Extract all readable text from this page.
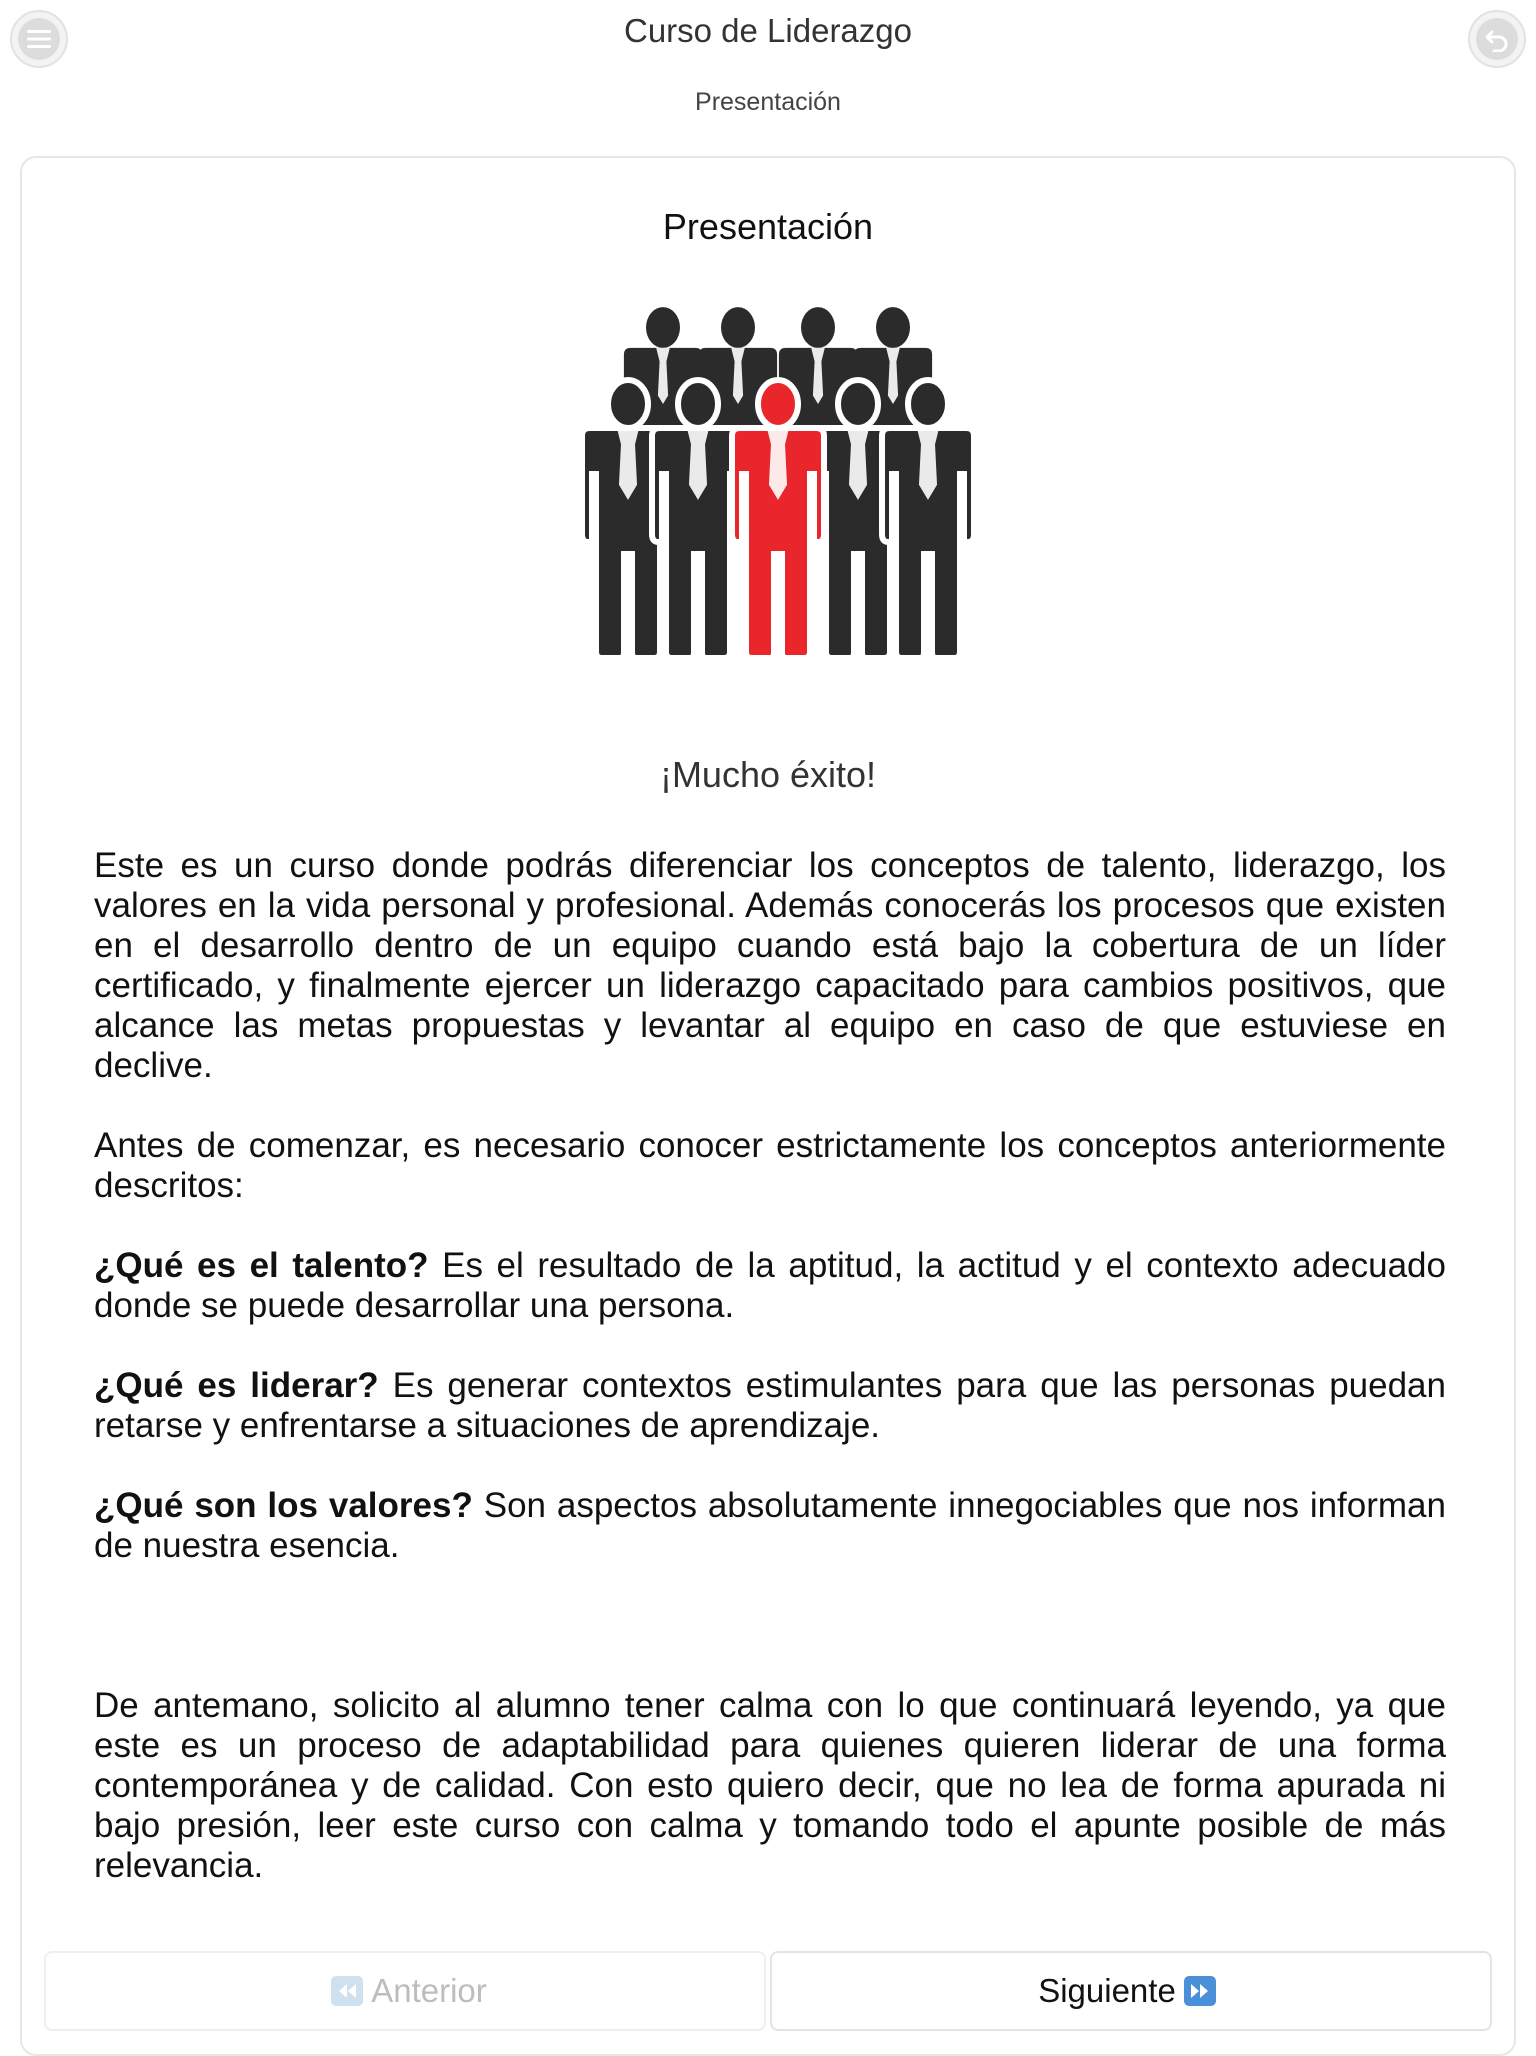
Curso de Liderazgo
Presentación
Presentación
¡Mucho éxito!

Este es un curso donde podrás diferenciar los conceptos de talento, liderazgo, los valores en la vida personal y profesional. Además conocerás los procesos que existen en el desarrollo dentro de un equipo cuando está bajo la cobertura de un líder certificado, y finalmente ejercer un liderazgo capacitado para cambios positivos, que alcance las metas propuestas y levantar al equipo en caso de que estuviese en declive.

Antes de comenzar, es necesario conocer estrictamente los conceptos anteriormente descritos:

¿Qué es el talento? Es el resultado de la aptitud, la actitud y el contexto adecuado donde se puede desarrollar una persona.

¿Qué es liderar? Es generar contextos estimulantes para que las personas puedan retarse y enfrentarse a situaciones de aprendizaje.

¿Qué son los valores? Son aspectos absolutamente innegociables que nos informan de nuestra esencia.

De antemano, solicito al alumno tener calma con lo que continuará leyendo, ya que este es un proceso de adaptabilidad para quienes quieren liderar de una forma contemporánea y de calidad. Con esto quiero decir, que no lea de forma apurada ni bajo presión, leer este curso con calma y tomando todo el apunte posible de más relevancia.

Anterior	Siguiente
